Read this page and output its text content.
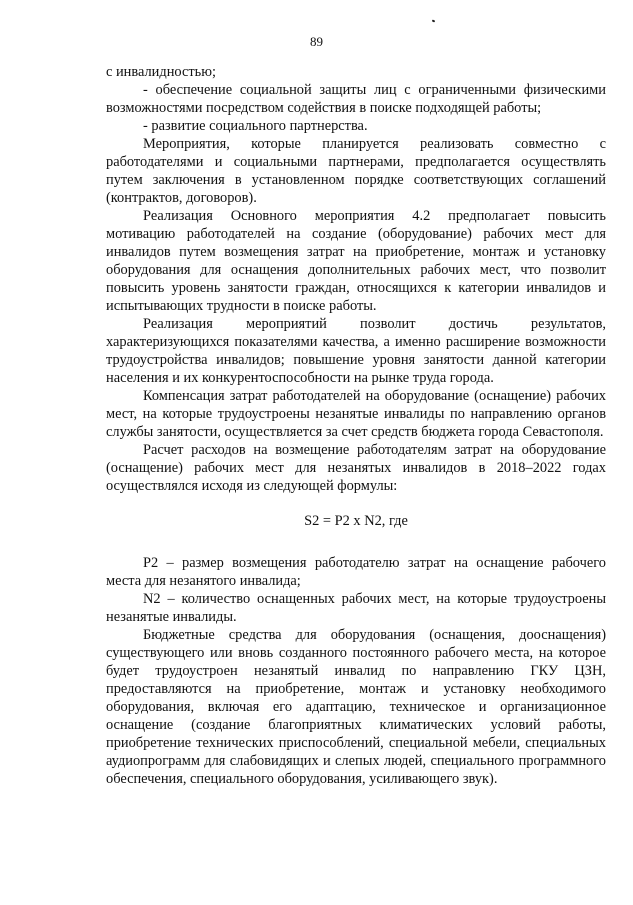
89

с инвалидностью;

- обеспечение социальной защиты лиц с ограниченными физическими возможностями посредством содействия в поиске подходящей работы;

- развитие социального партнерства.

Мероприятия, которые планируется реализовать совместно с работодателями и социальными партнерами, предполагается осуществлять путем заключения в установленном порядке соответствующих соглашений (контрактов, договоров).

Реализация Основного мероприятия 4.2 предполагает повысить мотивацию работодателей на создание (оборудование) рабочих мест для инвалидов путем возмещения затрат на приобретение, монтаж и установку оборудования для оснащения дополнительных рабочих мест, что позволит повысить уровень занятости граждан, относящихся к категории инвалидов и испытывающих трудности в поиске работы.

Реализация мероприятий позволит достичь результатов, характеризующихся показателями качества, а именно расширение возможности трудоустройства инвалидов; повышение уровня занятости данной категории населения и их конкурентоспособности на рынке труда города.

Компенсация затрат работодателей на оборудование (оснащение) рабочих мест, на которые трудоустроены незанятые инвалиды по направлению органов службы занятости, осуществляется за счет средств бюджета города Севастополя.

Расчет расходов на возмещение работодателям затрат на оборудование (оснащение) рабочих мест для незанятых инвалидов в 2018–2022 годах осуществлялся исходя из следующей формулы:

S2 = P2 x N2, где

P2 – размер возмещения работодателю затрат на оснащение рабочего места для незанятого инвалида;

N2 – количество оснащенных рабочих мест, на которые трудоустроены незанятые инвалиды.

Бюджетные средства для оборудования (оснащения, дооснащения) существующего или вновь созданного постоянного рабочего места, на которое будет трудоустроен незанятый инвалид по направлению ГКУ ЦЗН, предоставляются на приобретение, монтаж и установку необходимого оборудования, включая его адаптацию, техническое и организационное оснащение (создание благоприятных климатических условий работы, приобретение технических приспособлений, специальной мебели, специальных аудиопрограмм для слабовидящих и слепых людей, специального программного обеспечения, специального оборудования, усиливающего звук).
